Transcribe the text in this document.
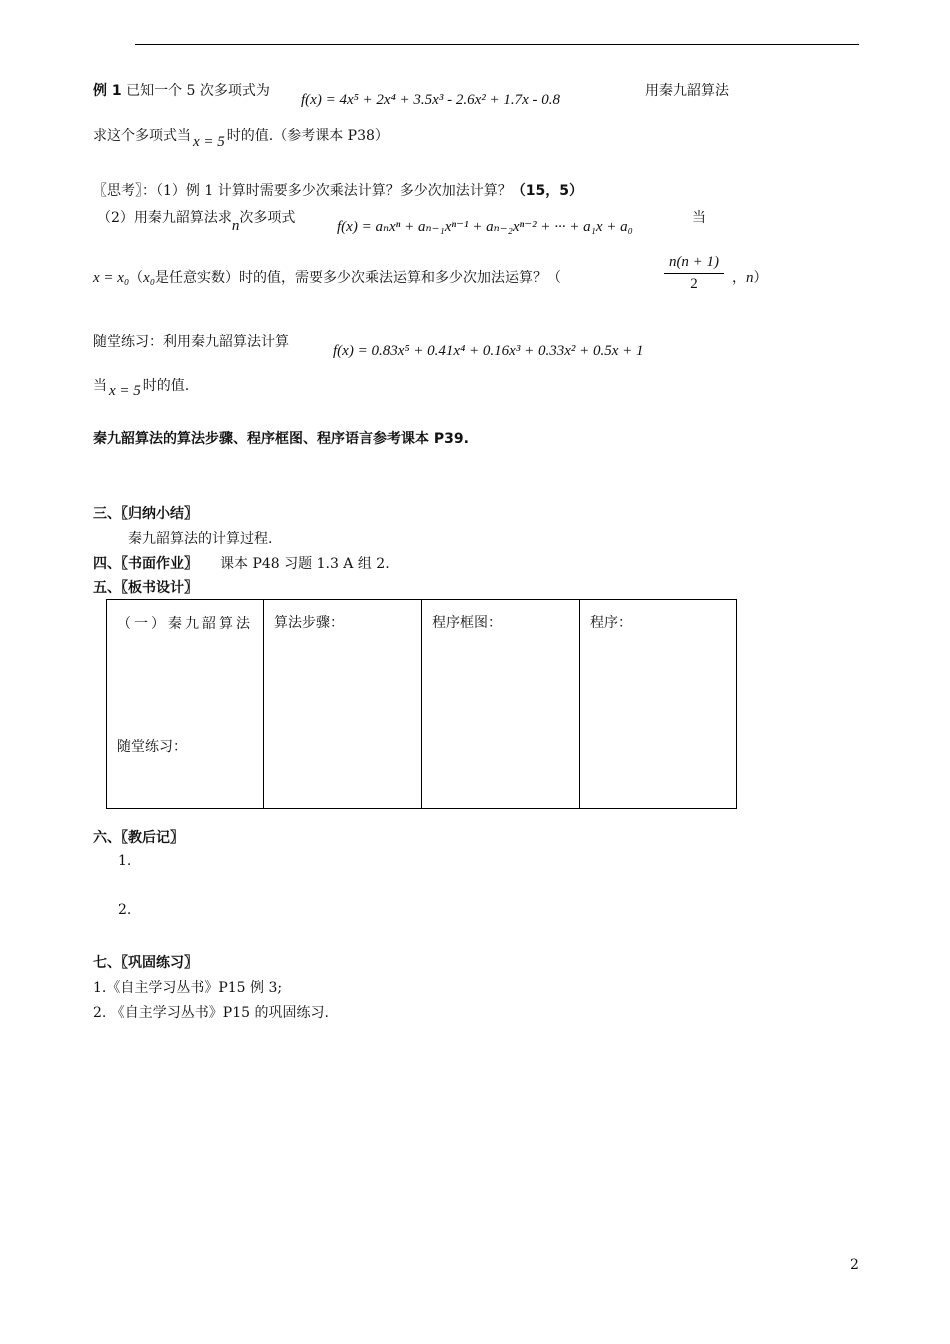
例 1 已知一个 5 次多项式为
f(x) = 4x⁵ + 2x⁴ + 3.5x³ - 2.6x² + 1.7x - 0.8
用秦九韶算法
求这个多项式当 x = 5 时的值.（参考课本 P38）
〖思考〗：（1）例 1 计算时需要多少次乘法计算？多少次加法计算？（15，5）
（2）用秦九韶算法求n次多项式
f(x) = aₙxⁿ + aₙ₋₁xⁿ⁻¹ + aₙ₋₂xⁿ⁻² + ··· + a₁x + a₀
当
x = x₀（x₀是任意实数）时的值，需要多少次乘法运算和多少次加法运算？（	$\frac{n(n + 1)}{2}$ ，n）
随堂练习：利用秦九韶算法计算
f(x) = 0.83x⁵ + 0.41x⁴ + 0.16x³ + 0.33x² + 0.5x + 1
当 x = 5 时的值.
秦九韶算法的算法步骤、程序框图、程序语言参考课本 P39.
三、〖归纳小结〗
秦九韶算法的计算过程.
四、〖书面作业〗 课本 P48 习题 1.3 A 组 2.
五、〖板书设计〗
（一）秦九韶算法
随堂练习：
	算法步骤：	程序框图：	程序：
六、〖教后记〗
1.
2.
七、〖巩固练习〗
1.《自主学习丛书》P15 例 3;
2. 《自主学习丛书》P15 的巩固练习.
2
